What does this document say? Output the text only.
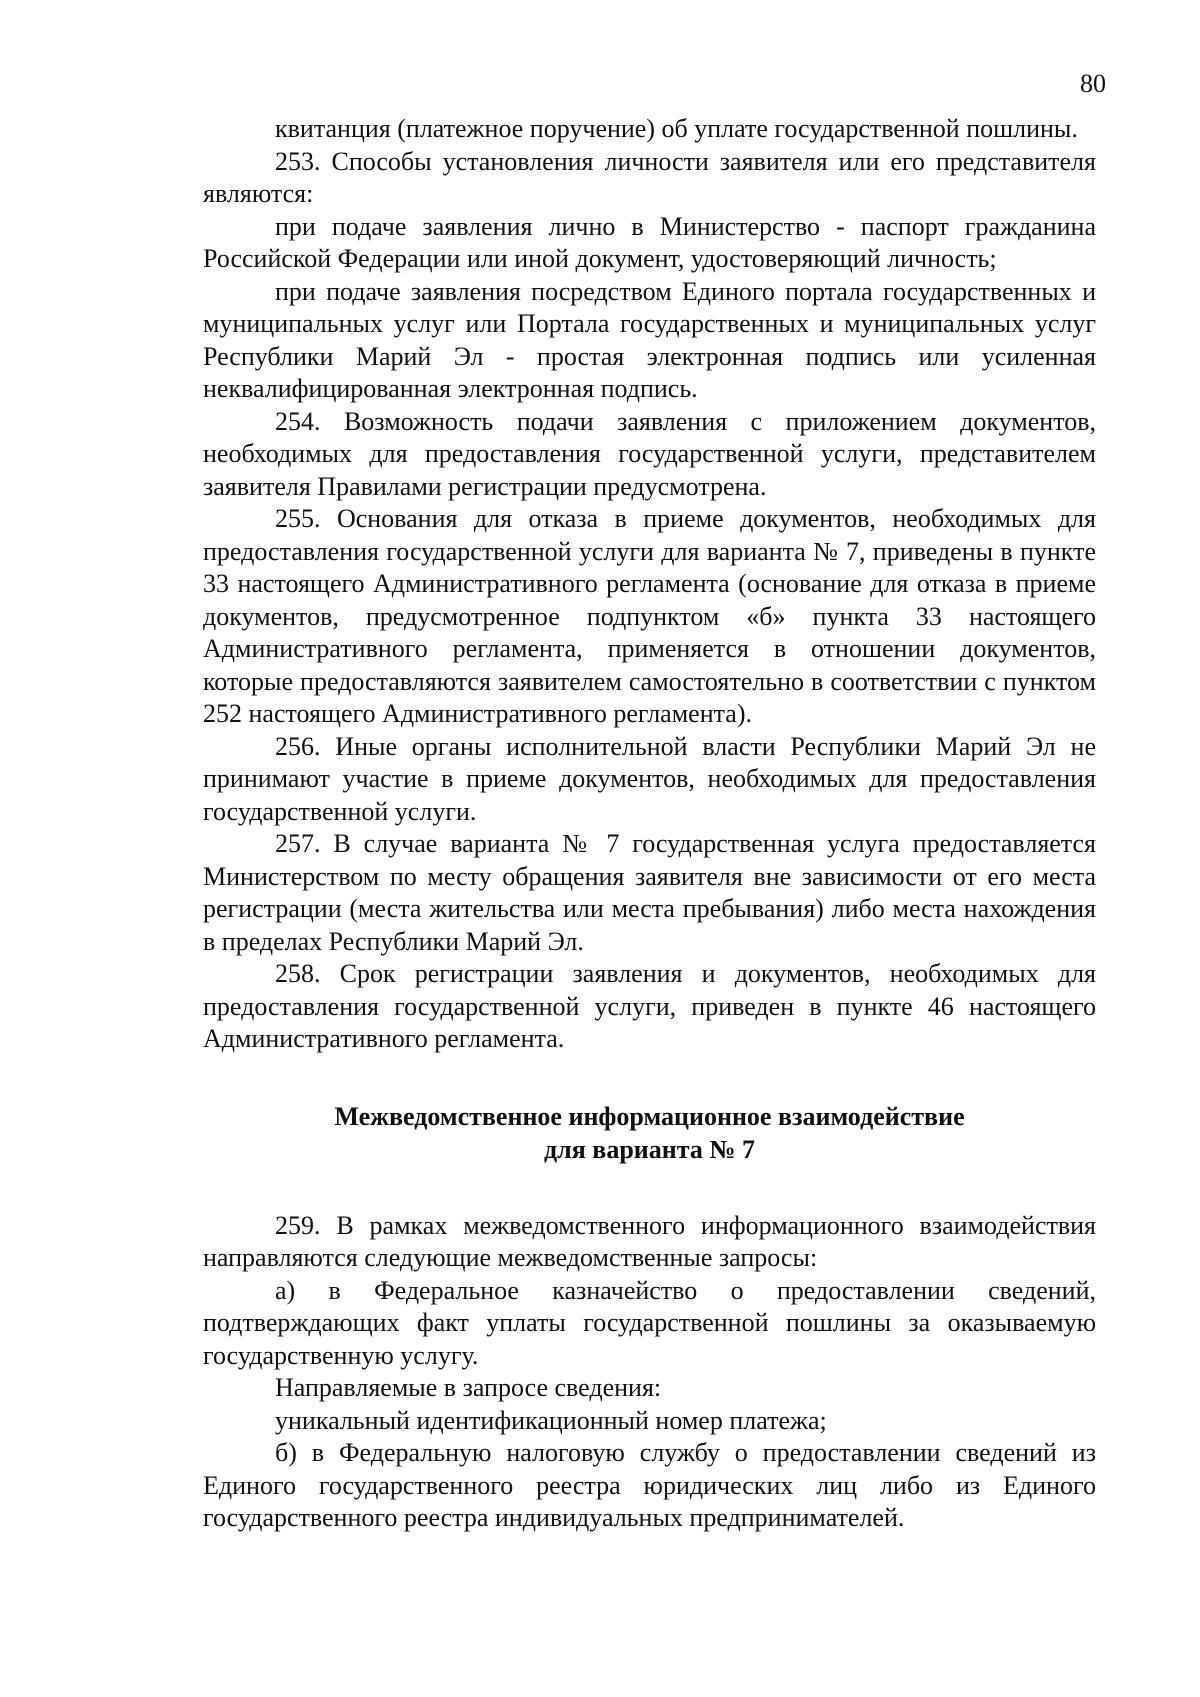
80

квитанция (платежное поручение) об уплате государственной пошлины.

253. Способы установления личности заявителя или его представителя являются:

при подаче заявления лично в Министерство - паспорт гражданина Российской Федерации или иной документ, удостоверяющий личность;

при подаче заявления посредством Единого портала государственных и муниципальных услуг или Портала государственных и муниципальных услуг Республики Марий Эл - простая электронная подпись или усиленная неквалифицированная электронная подпись.

254. Возможность подачи заявления с приложением документов, необходимых для предоставления государственной услуги, представителем заявителя Правилами регистрации предусмотрена.

255. Основания для отказа в приеме документов, необходимых для предоставления государственной услуги для варианта № 7, приведены в пункте 33 настоящего Административного регламента (основание для отказа в приеме документов, предусмотренное подпунктом «б» пункта 33 настоящего Административного регламента, применяется в отношении документов, которые предоставляются заявителем самостоятельно в соответствии с пунктом 252 настоящего Административного регламента).

256. Иные органы исполнительной власти Республики Марий Эл не принимают участие в приеме документов, необходимых для предоставления государственной услуги.

257. В случае варианта № 7 государственная услуга предоставляется Министерством по месту обращения заявителя вне зависимости от его места регистрации (места жительства или места пребывания) либо места нахождения в пределах Республики Марий Эл.

258. Срок регистрации заявления и документов, необходимых для предоставления государственной услуги, приведен в пункте 46 настоящего Административного регламента.

Межведомственное информационное взаимодействие
для варианта № 7

259. В рамках межведомственного информационного взаимодействия направляются следующие межведомственные запросы:

а) в Федеральное казначейство о предоставлении сведений, подтверждающих факт уплаты государственной пошлины за оказываемую государственную услугу.

Направляемые в запросе сведения:

уникальный идентификационный номер платежа;

б) в Федеральную налоговую службу о предоставлении сведений из Единого государственного реестра юридических лиц либо из Единого государственного реестра индивидуальных предпринимателей.
